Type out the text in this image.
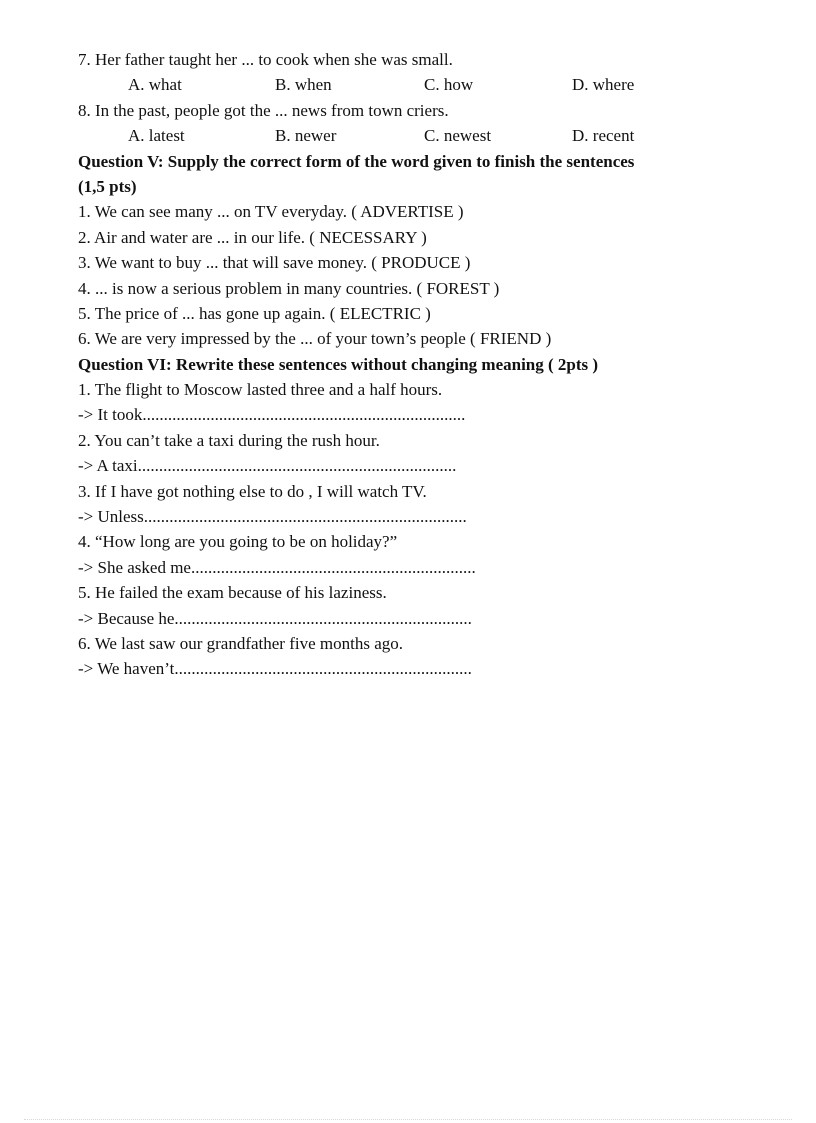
7. Her father taught her ... to cook when she was small.
A. what	B. when	C. how	D. where
8. In the past, people got the ... news from town criers.
A. latest	B. newer	C. newest	D. recent
Question V: Supply the correct form of the word given to finish the sentences
(1,5 pts)
1. We can see many ... on TV everyday. ( ADVERTISE )
2. Air and water are ... in our life. ( NECESSARY )
3. We want to buy ... that will save money. ( PRODUCE )
4. ... is now a serious problem in many countries. ( FOREST )
5. The price of ... has gone up again. ( ELECTRIC )
6. We are very impressed by the ... of your town’s people ( FRIEND )
Question VI: Rewrite these sentences without changing meaning ( 2pts )
1. The flight to Moscow lasted three and a half hours.
-> It took............................................................................
2. You can’t take a taxi during the rush hour.
-> A taxi...........................................................................
3. If I have got nothing else to do , I will watch TV.
-> Unless............................................................................
4. “How long are you going to be on holiday?”
-> She asked me...................................................................
5. He failed the exam because of his laziness.
-> Because he......................................................................
6. We last saw our grandfather five months ago.
-> We haven’t......................................................................
